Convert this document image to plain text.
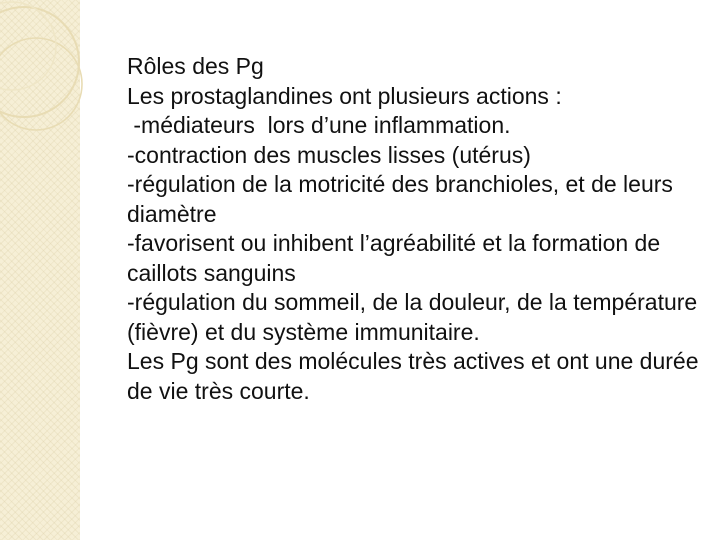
Rôles des Pg
Les prostaglandines ont plusieurs actions :
-médiateurs  lors d’une inflammation.
-contraction des muscles lisses (utérus)
-régulation de la motricité des branchioles, et de leurs diamètre
-favorisent ou inhibent l’agréabilité et la formation de caillots sanguins
-régulation du sommeil, de la douleur, de la température (fièvre) et du système immunitaire.
Les Pg sont des molécules très actives et ont une durée de vie très courte.
